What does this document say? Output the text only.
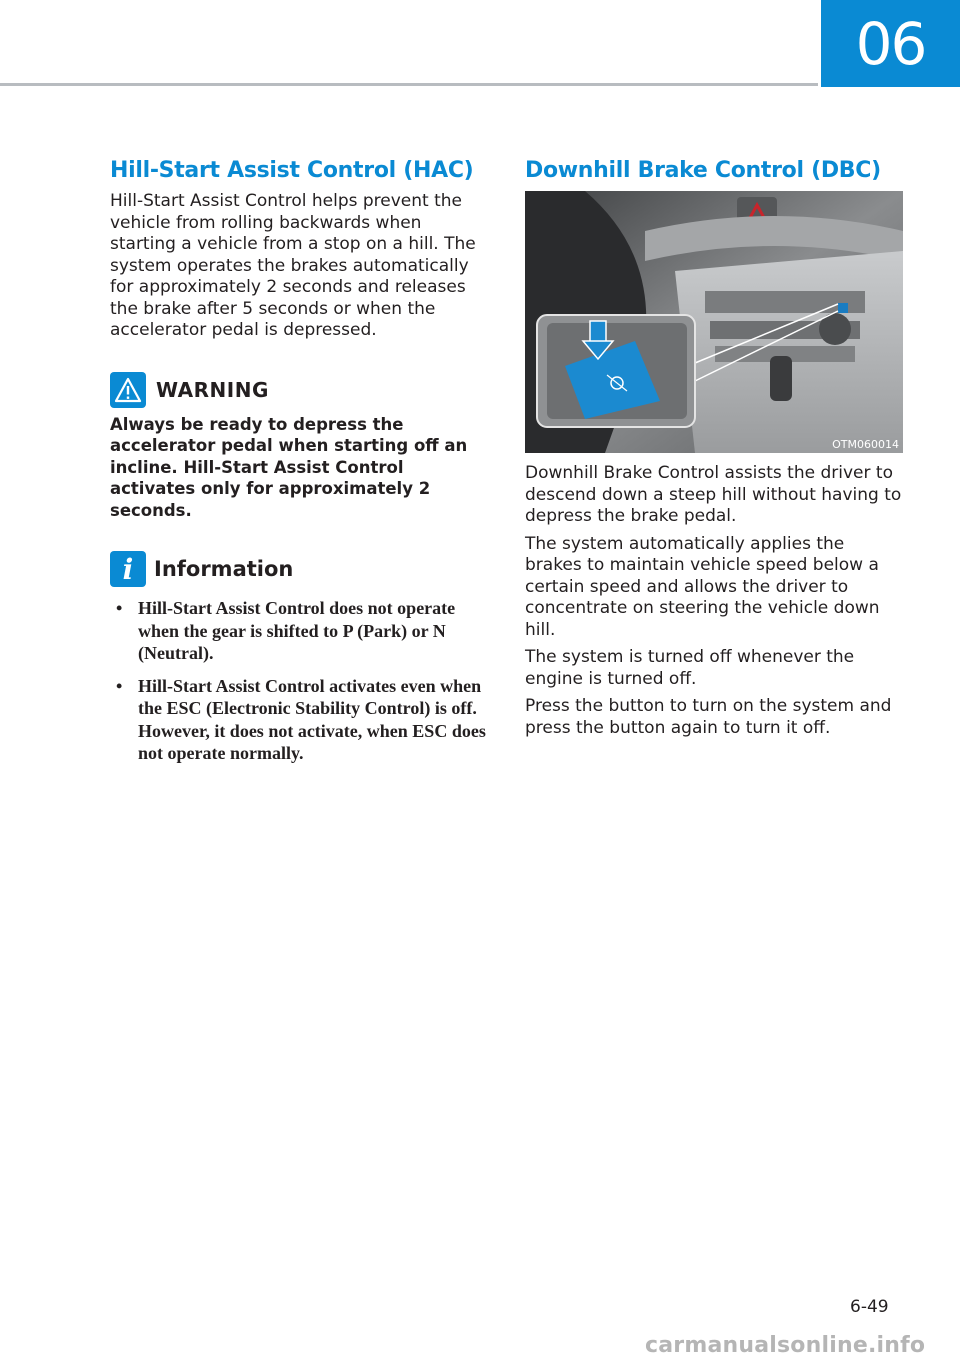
06
Hill-Start Assist Control (HAC)

Hill-Start Assist Control helps prevent the vehicle from rolling backwards when starting a vehicle from a stop on a hill. The system operates the brakes automatically for approximately 2 seconds and releases the brake after 5 seconds or when the accelerator pedal is depressed.

WARNING
Always be ready to depress the accelerator pedal when starting off an incline. Hill-Start Assist Control activates only for approximately 2 seconds.
i Information
• Hill-Start Assist Control does not operate when the gear is shifted to P (Park) or N (Neutral).
• Hill-Start Assist Control activates even when the ESC (Electronic Stability Control) is off. However, it does not activate, when ESC does not operate normally.
Downhill Brake Control (DBC)
OTM060014

Downhill Brake Control assists the driver to descend down a steep hill without having to depress the brake pedal.

The system automatically applies the brakes to maintain vehicle speed below a certain speed and allows the driver to concentrate on steering the vehicle down hill.

The system is turned off whenever the engine is turned off.

Press the button to turn on the system and press the button again to turn it off.

6-49
carmanualsonline.info
